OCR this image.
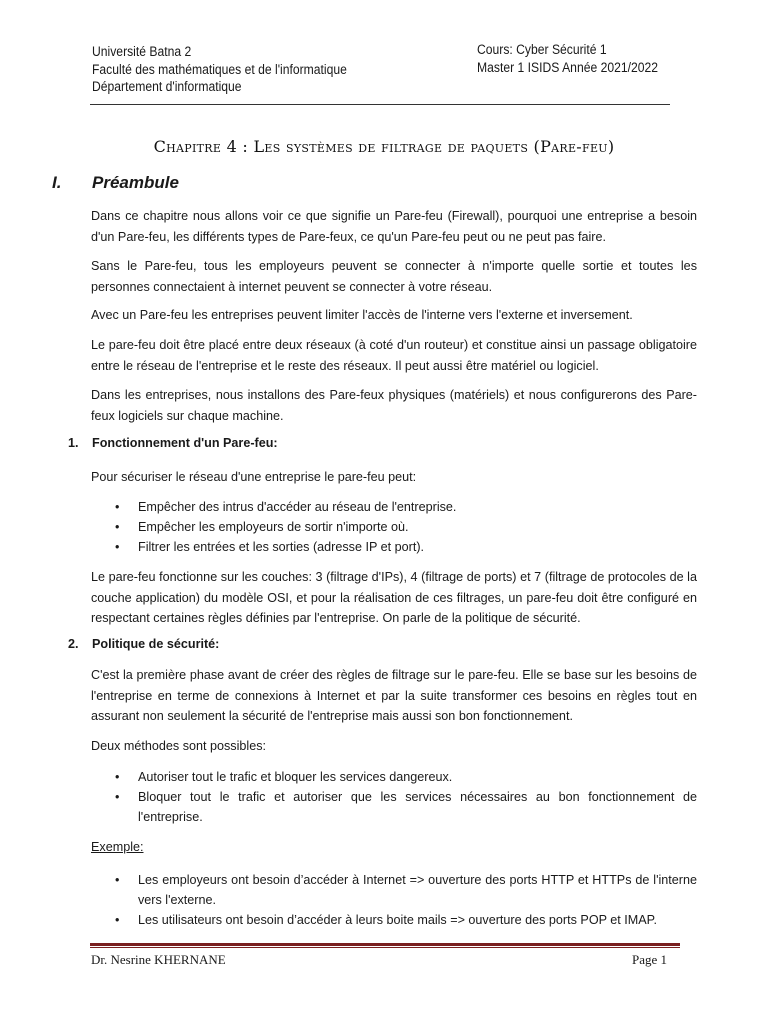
Université Batna 2
Faculté des mathématiques et de l'informatique
Département d'informatique
Cours: Cyber Sécurité 1
Master 1 ISIDS Année 2021/2022
Chapitre 4 : Les systèmes de filtrage de paquets (Pare-feu)
I. Préambule
Dans ce chapitre nous allons voir ce que signifie un Pare-feu (Firewall), pourquoi une entreprise a besoin d'un Pare-feu, les différents types de Pare-feux, ce qu'un Pare-feu peut ou ne peut pas faire.
Sans le Pare-feu, tous les employeurs peuvent se connecter à n'importe quelle sortie et toutes les personnes connectaient à internet peuvent se connecter à votre réseau.
Avec un Pare-feu les entreprises peuvent limiter l'accès de l'interne vers l'externe et inversement.
Le pare-feu doit être placé entre deux réseaux (à coté d'un routeur) et constitue ainsi un passage obligatoire entre le réseau de l'entreprise et le reste des réseaux. Il peut aussi être matériel ou logiciel.
Dans les entreprises, nous installons des Pare-feux physiques (matériels) et nous configurerons des Pare-feux logiciels sur chaque machine.
1. Fonctionnement d'un Pare-feu:
Pour sécuriser le réseau d'une entreprise le pare-feu peut:
• Empêcher des intrus d'accéder au réseau de l'entreprise.
• Empêcher les employeurs de sortir n'importe où.
• Filtrer les entrées et les sorties (adresse IP et port).
Le pare-feu fonctionne sur les couches: 3 (filtrage d'IPs), 4 (filtrage de ports) et 7 (filtrage de protocoles de la couche application) du modèle OSI, et pour la réalisation de ces filtrages, un pare-feu doit être configuré en respectant certaines règles définies par l'entreprise. On parle de la politique de sécurité.
2. Politique de sécurité:
C'est la première phase avant de créer des règles de filtrage sur le pare-feu. Elle se base sur les besoins de l'entreprise en terme de connexions à Internet et par la suite transformer ces besoins en règles tout en assurant non seulement la sécurité de l'entreprise mais aussi son bon fonctionnement.
Deux méthodes sont possibles:
• Autoriser tout le trafic et bloquer les services dangereux.
• Bloquer tout le trafic et autoriser que les services nécessaires au bon fonctionnement de l'entreprise.
Exemple:
• Les employeurs ont besoin d’accéder à Internet => ouverture des ports HTTP et HTTPs de l'interne vers l'externe.
• Les utilisateurs ont besoin d’accéder à leurs boite mails => ouverture des ports POP et IMAP.
Dr. Nesrine KHERNANE	Page 1
